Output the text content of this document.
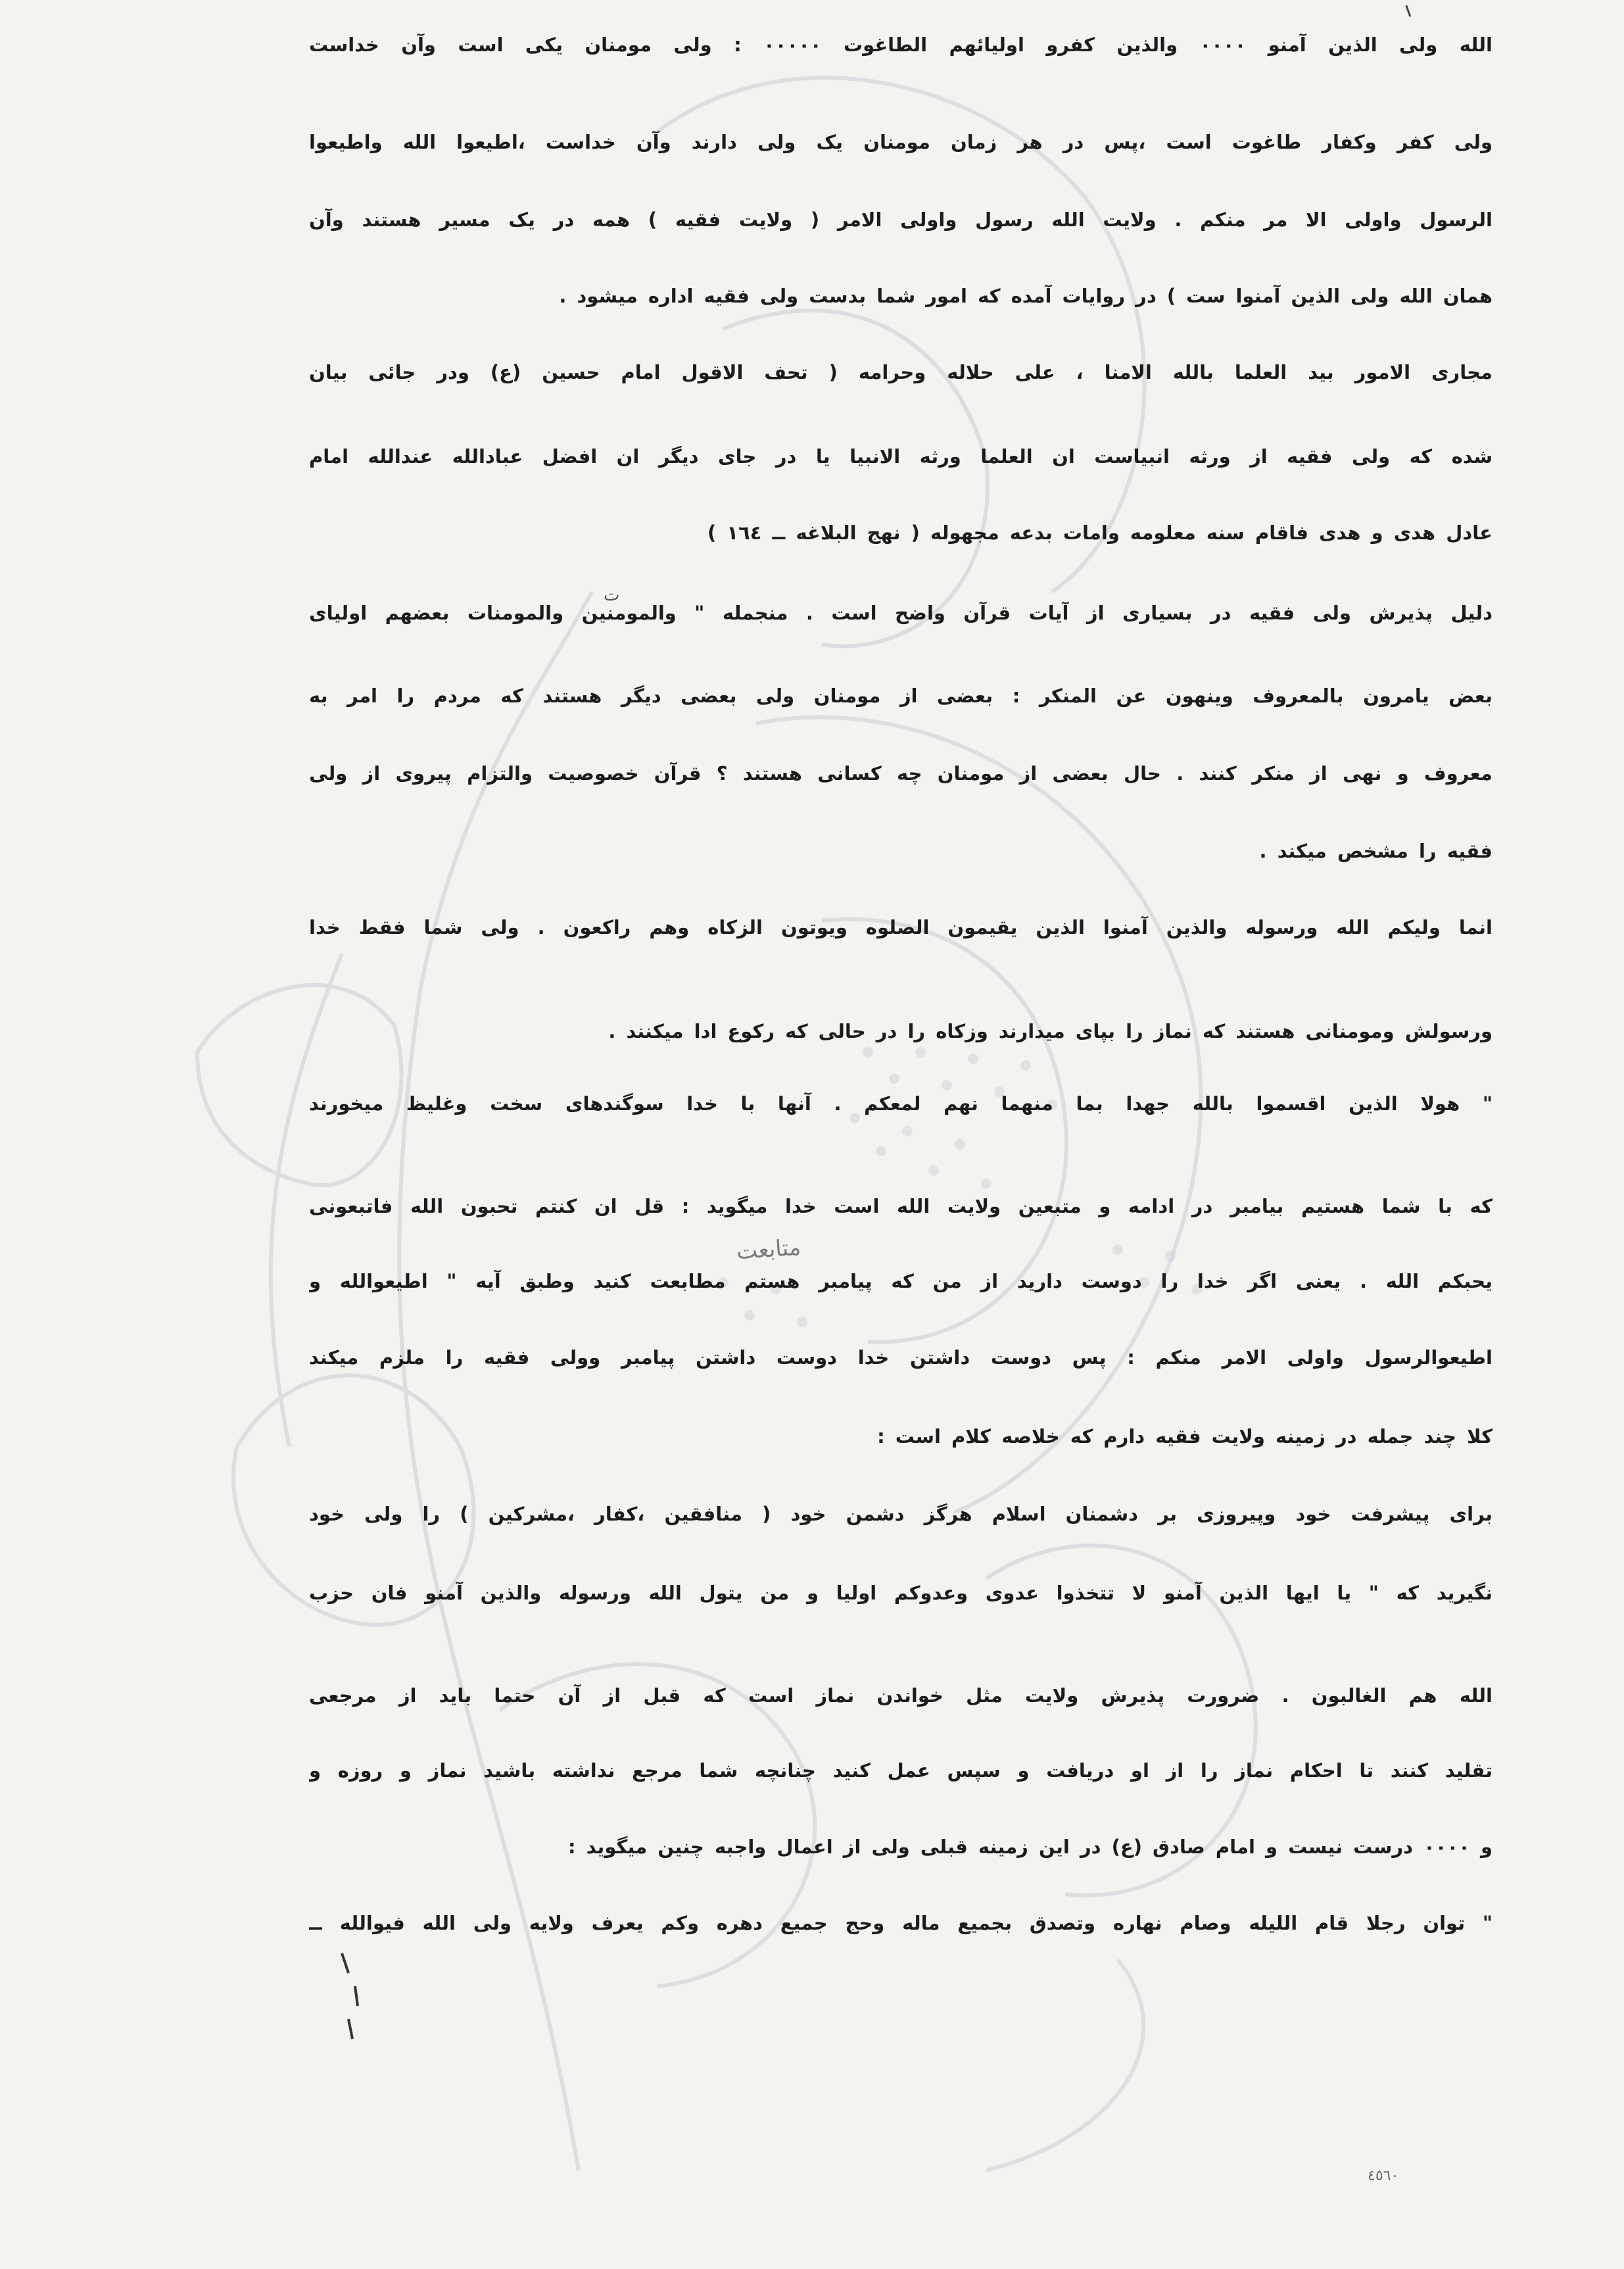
الله ولی الذین آمنو ۰۰۰۰ والذین کفرو اولیائهم الطاغوت ۰۰۰۰۰ : ولی مومنان یکی است وآن خداست
ولی کفر وکفار طاغوت است ،پس در هر زمان مومنان یک ولی دارند وآن خداست ،اطیعوا الله واطیعوا
الرسول واولی الا مر منکم . ولایت الله رسول واولی الامر ( ولایت فقیه ) همه در یک مسیر هستند وآن
همان الله ولی الذین آمنوا ست ) در روایات آمده که امور شما بدست ولی فقیه اداره میشود .
مجاری الامور بید العلما بالله الامنا ، علی حلاله وحرامه ( تحف الاقول امام حسین (ع) ودر جائی بیان
شده که ولی فقیه از ورثه انبیاست ان العلما ورثه الانبیا یا در جای دیگر ان افضل عبادالله عندالله امام
عادل هدی و هدی فاقام سنه معلومه وامات بدعه مجهوله ( نهج البلاغه ــ ١٦٤ )
دلیل پذیرش ولی فقیه در بسیاری از آیات قرآن واضح است . منجمله " والمومنین والمومنات بعضهم اولیای
بعض یامرون بالمعروف وینهون عن المنکر : بعضی از مومنان ولی بعضی دیگر هستند که مردم را امر به
معروف و نهی از منکر کنند . حال بعضی از مومنان چه کسانی هستند ؟ قرآن خصوصیت والتزام پیروی از ولی
فقیه را مشخص میکند .
انما ولیکم الله ورسوله والذین آمنوا الذین یقیمون الصلوه ویوتون الزکاه وهم راکعون . ولی شما فقط خدا
ورسولش ومومنانی هستند که نماز را بپای میدارند وزکاه را در حالی که رکوع ادا میکنند .
" هولا الذین اقسموا بالله جهدا بما منهما نهم لمعکم . آنها با خدا سوگندهای سخت وغلیظ میخورند
که با شما هستیم بیامبر در ادامه و متبعین ولایت الله است خدا میگوید : قل ان کنتم تحبون الله فاتبعونی
یحبکم الله . یعنی اگر خدا را دوست دارید از من که پیامبر هستم مطابعت کنید وطبق آیه " اطیعوالله و
اطیعوالرسول واولی الامر منکم : پس دوست داشتن خدا دوست داشتن پیامبر وولی فقیه را ملزم میکند
کلا چند جمله در زمینه ولایت فقیه دارم که خلاصه کلام است :
برای پیشرفت خود وپیروزی بر دشمنان اسلام هرگز دشمن خود ( منافقین ،کفار ،مشرکین ) را ولی خود
نگیرید که " یا ایها الذین آمنو لا تتخذوا عدوی وعدوکم اولیا و من یتول الله ورسوله والذین آمنو فان حزب
الله هم الغالبون . ضرورت پذیرش ولایت مثل خواندن نماز است که قبل از آن حتما باید از مرجعی
تقلید کنند تا احکام نماز را از او دریافت و سپس عمل کنید چنانچه شما مرجع نداشته باشید نماز و روزه و
و ۰۰۰۰ درست نیست و امام صادق (ع) در این زمینه قبلی ولی از اعمال واجبه چنین میگوید :
" توان رجلا قام اللیله وصام نهاره وتصدق بجمیع ماله وحج جمیع دهره وکم یعرف ولایه ولی الله فیوالله ــ
ت
متابعت
٤٥٦٠
